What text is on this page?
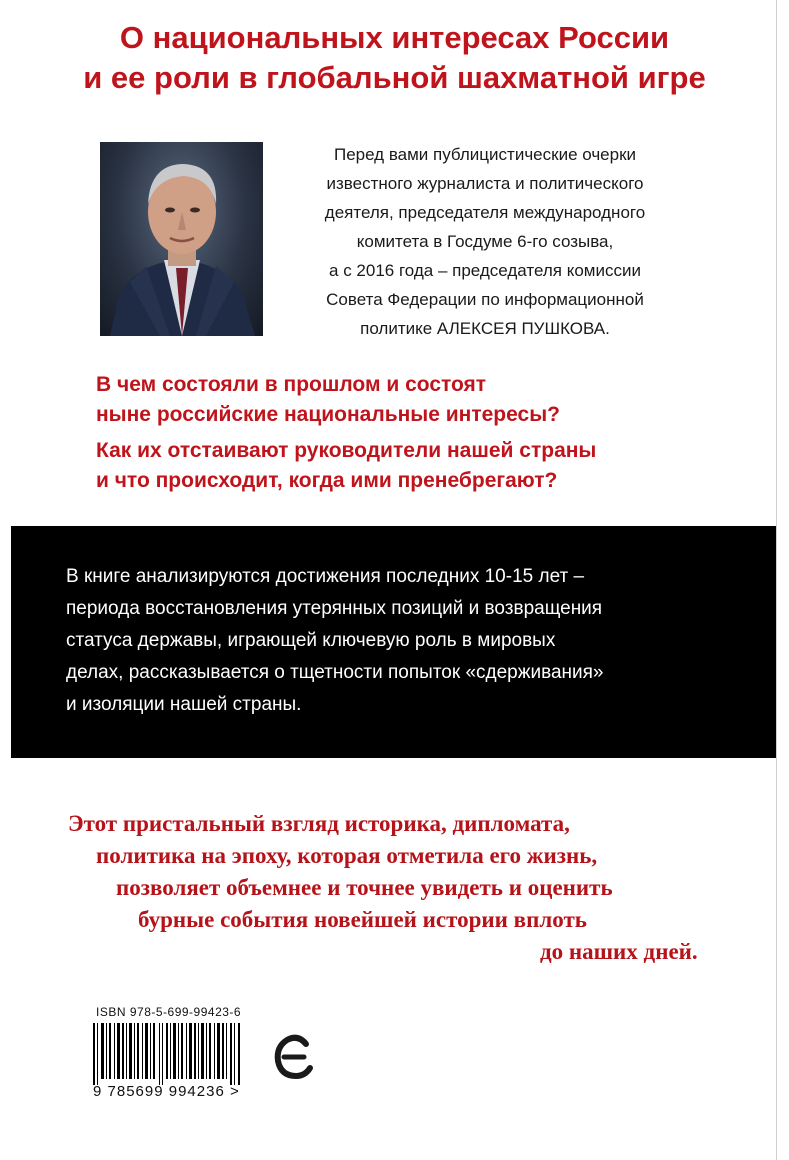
О национальных интересах России
и ее роли в глобальной шахматной игре
Перед вами публицистические очерки
известного журналиста и политического
деятеля, председателя международного
комитета в Госдуме 6-го созыва,
а с 2016 года – председателя комиссии
Совета Федерации по информационной
политике АЛЕКСЕЯ ПУШКОВА.
В чем состояли в прошлом и состоят
ныне российские национальные интересы?
Как их отстаивают руководители нашей страны
и что происходит, когда ими пренебрегают?
В книге анализируются достижения последних 10-15 лет –
периода восстановления утерянных позиций и возвращения
статуса державы, играющей ключевую роль в мировых
делах, рассказывается о тщетности попыток «сдерживания»
и изоляции нашей страны.
Этот пристальный взгляд историка, дипломата,
политика на эпоху, которая отметила его жизнь,
позволяет объемнее и точнее увидеть и оценить
бурные события новейшей истории вплоть
до наших дней.
ISBN 978-5-699-99423-6
9 785699 994236 >
